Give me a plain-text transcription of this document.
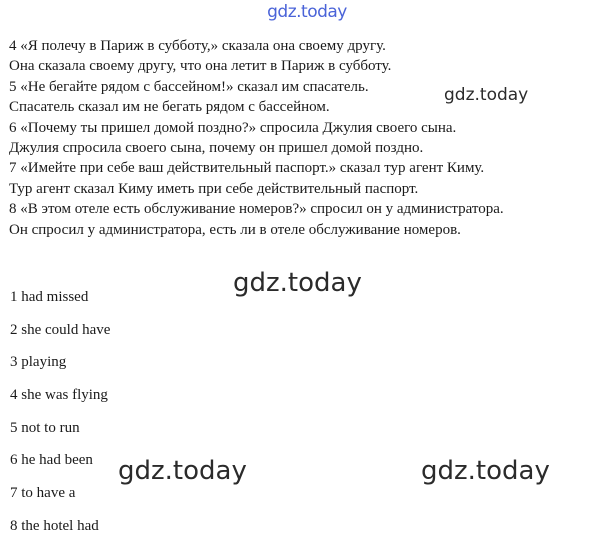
gdz.today
4 «Я полечу в Париж в субботу,» сказала она своему другу.
Она сказала своему другу, что она летит в Париж в субботу.
5 «Не бегайте рядом с бассейном!» сказал им спасатель.
Спасатель сказал им не бегать рядом с бассейном.
6 «Почему ты пришел домой поздно?» спросила Джулия своего сына.
Джулия спросила своего сына, почему он пришел домой поздно.
7 «Имейте при себе ваш действительный паспорт.» сказал тур агент Киму.
Тур агент сказал Киму иметь при себе действительный паспорт.
8 «В этом отеле есть обслуживание номеров?» спросил он у администратора.
Он спросил у администратора, есть ли в отеле обслуживание номеров.
gdz.today
gdz.today
1 had missed
2 she could have
3 playing
4 she was flying
5 not to run
6 he had been
7 to have a
8 the hotel had
gdz.today	gdz.today
